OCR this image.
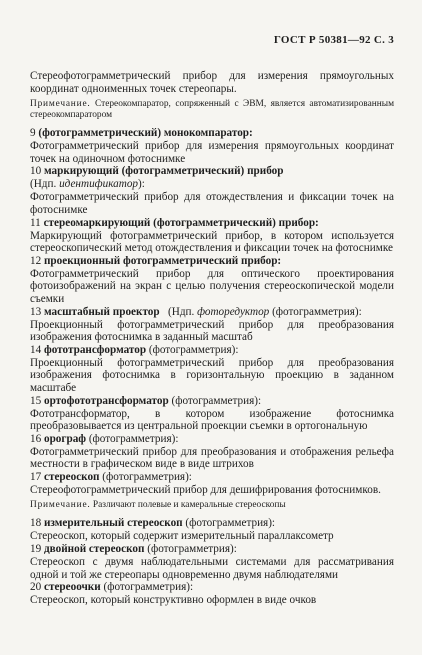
ГОСТ Р 50381—92 С. 3

Стереофотограмметрический прибор для измерения прямоугольных координат одноименных точек стереопары.

Примечание. Стереокомпаратор, сопряженный с ЭВМ, является автоматизированным стереокомпаратором

9 (фотограмметрический) монокомпаратор:

Фотограмметрический прибор для измерения прямоугольных координат точек на одиночном фотоснимке

10 маркирующий (фотограмметрический) прибор

(Ндп. идентификатор):

Фотограмметрический прибор для отождествления и фиксации точек на фотоснимке

11 стереомаркирующий (фотограмметрический) прибор:

Маркирующий фотограмметрический прибор, в котором используется стереоскопический метод отождествления и фиксации точек на фотоснимке

12 проекционный фотограмметрический прибор:

Фотограмметрический прибор для оптического проектирования фотоизображений на экран с целью получения стереоскопической модели съемки

13 масштабный проектор (Ндп. фоторедуктор (фотограмметрия):

Проекционный фотограмметрический прибор для преобразования изображения фотоснимка в заданный масштаб

14 фототрансформатор (фотограмметрия):

Проекционный фотограмметрический прибор для преобразования изображения фотоснимка в горизонтальную проекцию в заданном масштабе

15 ортофототрансформатор (фотограмметрия):

Фототрансформатор, в котором изображение фотоснимка преобразовывается из центральной проекции съемки в ортогональную

16 орограф (фотограмметрия):

Фотограмметрический прибор для преобразования и отображения рельефа местности в графическом виде в виде штрихов

17 стереоскоп (фотограмметрия):

Стереофотограмметрический прибор для дешифрирования фотоснимков.

Примечание. Различают полевые и камеральные стереоскопы

18 измерительный стереоскоп (фотограмметрия):

Стереоскоп, который содержит измерительный параллаксометр

19 двойной стереоскоп (фотограмметрия):

Стереоскоп с двумя наблюдательными системами для рассматривания одной и той же стереопары одновременно двумя наблюдателями

20 стереоочки (фотограмметрия):

Стереоскоп, который конструктивно оформлен в виде очков
